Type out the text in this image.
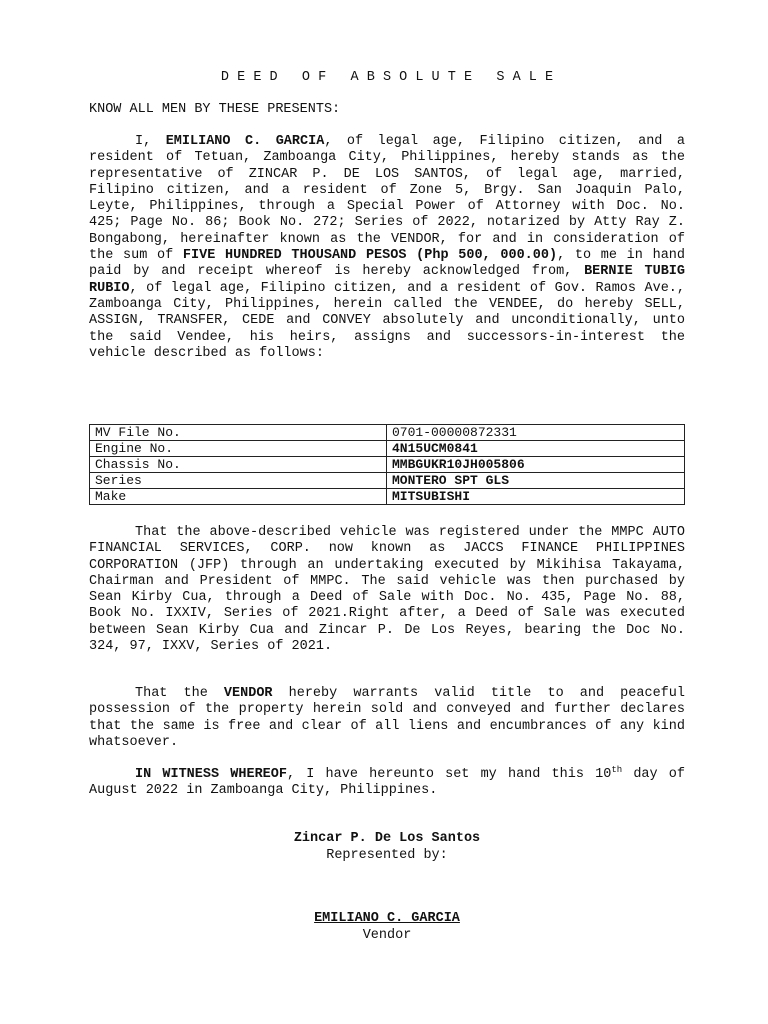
D E E D   O F   A B S O L U T E   S A L E
KNOW ALL MEN BY THESE PRESENTS:

I, EMILIANO C. GARCIA, of legal age, Filipino citizen, and a resident of Tetuan, Zamboanga City, Philippines, hereby stands as the representative of ZINCAR P. DE LOS SANTOS, of legal age, married, Filipino citizen, and a resident of Zone 5, Brgy. San Joaquin Palo, Leyte, Philippines, through a Special Power of Attorney with Doc. No. 425; Page No. 86; Book No. 272; Series of 2022, notarized by Atty Ray Z. Bongabong, hereinafter known as the VENDOR, for and in consideration of the sum of FIVE HUNDRED THOUSAND PESOS (Php 500, 000.00), to me in hand paid by and receipt whereof is hereby acknowledged from, BERNIE TUBIG RUBIO, of legal age, Filipino citizen, and a resident of Gov. Ramos Ave., Zamboanga City, Philippines, herein called the VENDEE, do hereby SELL, ASSIGN, TRANSFER, CEDE and CONVEY absolutely and unconditionally, unto the said Vendee, his heirs, assigns and successors-in-interest the vehicle described as follows:

MV File No.	0701-00000872331
Engine No.	4N15UCM0841
Chassis No.	MMBGUKR10JH005806
Series	MONTERO SPT GLS
Make	MITSUBISHI

That the above-described vehicle was registered under the MMPC AUTO FINANCIAL SERVICES, CORP. now known as JACCS FINANCE PHILIPPINES CORPORATION (JFP) through an undertaking executed by Mikihisa Takayama, Chairman and President of MMPC. The said vehicle was then purchased by Sean Kirby Cua, through a Deed of Sale with Doc. No. 435, Page No. 88, Book No. IXXIV, Series of 2021.Right after, a Deed of Sale was executed between Sean Kirby Cua and Zincar P. De Los Reyes, bearing the Doc No. 324, 97, IXXV, Series of 2021.

That the VENDOR hereby warrants valid title to and peaceful possession of the property herein sold and conveyed and further declares that the same is free and clear of all liens and encumbrances of any kind whatsoever.

IN WITNESS WHEREOF, I have hereunto set my hand this 10th day of August 2022 in Zamboanga City, Philippines.

Zincar P. De Los Santos
Represented by:
EMILIANO C. GARCIA
Vendor
